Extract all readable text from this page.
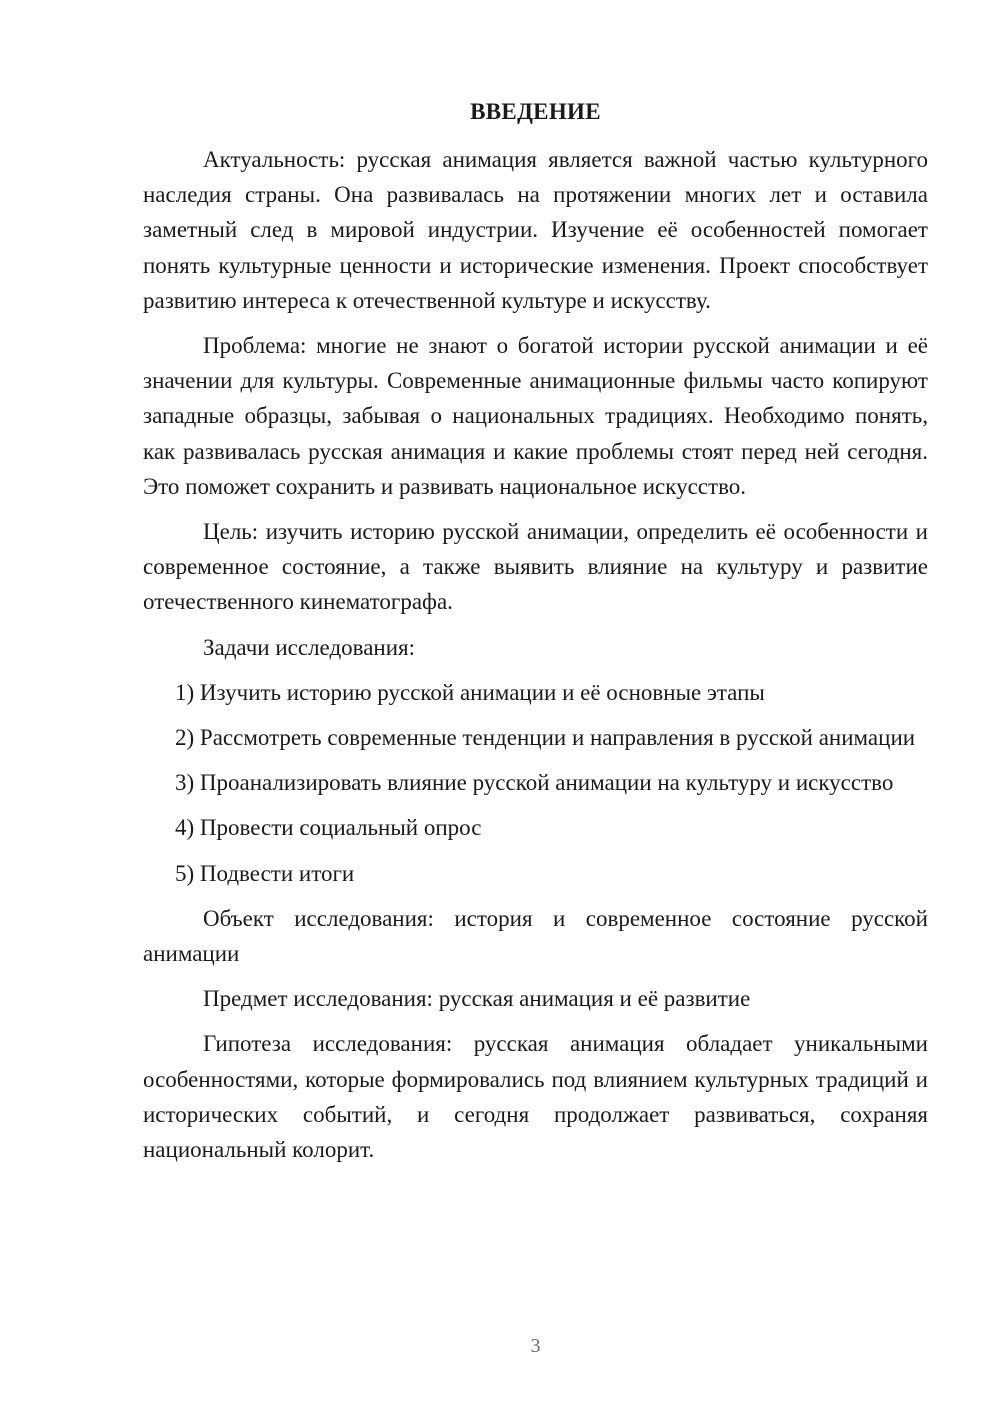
ВВЕДЕНИЕ

Актуальность: русская анимация является важной частью культурного наследия страны. Она развивалась на протяжении многих лет и оставила заметный след в мировой индустрии. Изучение её особенностей помогает понять культурные ценности и исторические изменения. Проект способствует развитию интереса к отечественной культуре и искусству.

Проблема: многие не знают о богатой истории русской анимации и её значении для культуры. Современные анимационные фильмы часто копируют западные образцы, забывая о национальных традициях. Необходимо понять, как развивалась русская анимация и какие проблемы стоят перед ней сегодня. Это поможет сохранить и развивать национальное искусство.

Цель: изучить историю русской анимации, определить её особенности и современное состояние, а также выявить влияние на культуру и развитие отечественного кинематографа.

Задачи исследования:

1) Изучить историю русской анимации и её основные этапы

2) Рассмотреть современные тенденции и направления в русской анимации

3) Проанализировать влияние русской анимации на культуру и искусство

4) Провести социальный опрос

5) Подвести итоги

Объект исследования: история и современное состояние русской анимации

Предмет исследования: русская анимация и её развитие

Гипотеза исследования: русская анимация обладает уникальными особенностями, которые формировались под влиянием культурных традиций и исторических событий, и сегодня продолжает развиваться, сохраняя национальный колорит.

3
